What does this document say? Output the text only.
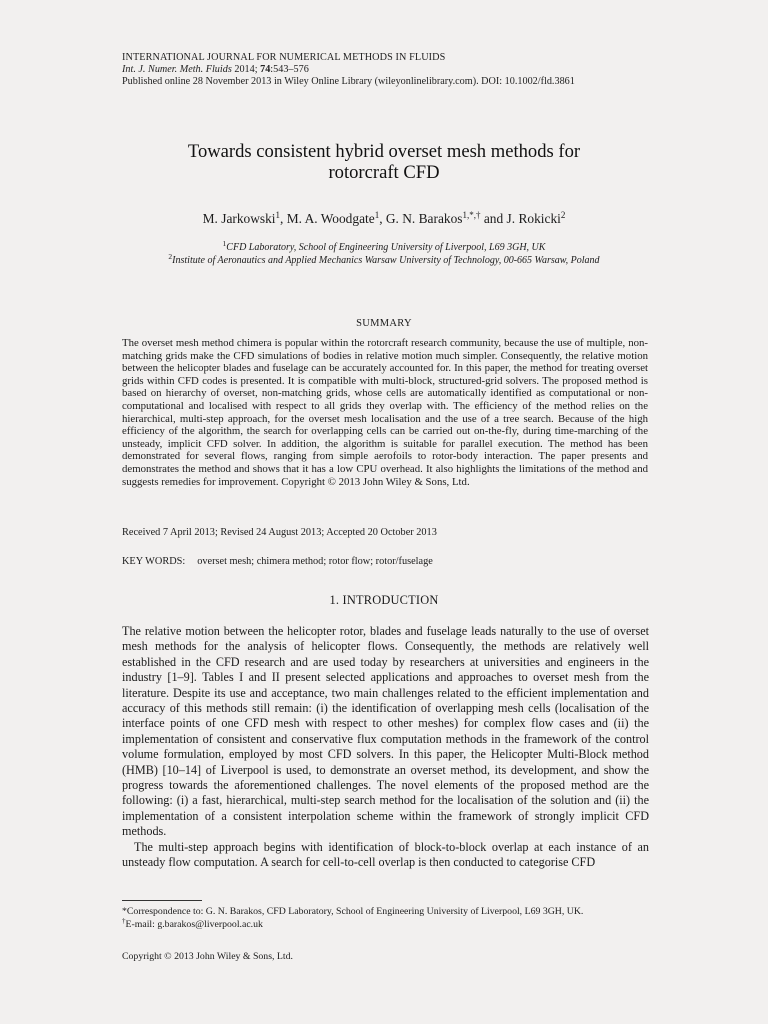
INTERNATIONAL JOURNAL FOR NUMERICAL METHODS IN FLUIDS
Int. J. Numer. Meth. Fluids 2014; 74:543–576
Published online 28 November 2013 in Wiley Online Library (wileyonlinelibrary.com). DOI: 10.1002/fld.3861
Towards consistent hybrid overset mesh methods for
rotorcraft CFD
M. Jarkowski$^1$, M. A. Woodgate$^1$, G. N. Barakos$^{1,*,\dagger}$ and J. Rokicki$^2$
$^1$CFD Laboratory, School of Engineering University of Liverpool, L69 3GH, UK
$^2$Institute of Aeronautics and Applied Mechanics Warsaw University of Technology, 00-665 Warsaw, Poland
SUMMARY
The overset mesh method chimera is popular within the rotorcraft research community, because the use of multiple, non-matching grids make the CFD simulations of bodies in relative motion much simpler. Consequently, the relative motion between the helicopter blades and fuselage can be accurately accounted for. In this paper, the method for treating overset grids within CFD codes is presented. It is compatible with multi-block, structured-grid solvers. The proposed method is based on hierarchy of overset, non-matching grids, whose cells are automatically identified as computational or non-computational and localised with respect to all grids they overlap with. The efficiency of the method relies on the hierarchical, multi-step approach, for the overset mesh localisation and the use of a tree search. Because of the high efficiency of the algorithm, the search for overlapping cells can be carried out on-the-fly, during time-marching of the unsteady, implicit CFD solver. In addition, the algorithm is suitable for parallel execution. The method has been demonstrated for several flows, ranging from simple aerofoils to rotor-body interaction. The paper presents and demonstrates the method and shows that it has a low CPU overhead. It also highlights the limitations of the method and suggests remedies for improvement. Copyright © 2013 John Wiley & Sons, Ltd.
Received 7 April 2013; Revised 24 August 2013; Accepted 20 October 2013
KEY WORDS: overset mesh; chimera method; rotor flow; rotor/fuselage
1. INTRODUCTION

The relative motion between the helicopter rotor, blades and fuselage leads naturally to the use of overset mesh methods for the analysis of helicopter flows. Consequently, the methods are relatively well established in the CFD research and are used today by researchers at universities and engineers in the industry [1–9]. Tables I and II present selected applications and approaches to overset mesh from the literature. Despite its use and acceptance, two main challenges related to the efficient implementation and accuracy of this methods still remain: (i) the identification of overlapping mesh cells (localisation of the interface points of one CFD mesh with respect to other meshes) for complex flow cases and (ii) the implementation of consistent and conservative flux computation methods in the framework of the control volume formulation, employed by most CFD solvers. In this paper, the Helicopter Multi-Block method (HMB) [10–14] of Liverpool is used, to demonstrate an overset method, its development, and show the progress towards the aforementioned challenges. The novel elements of the proposed method are the following: (i) a fast, hierarchical, multi-step search method for the localisation of the solution and (ii) the implementation of a consistent interpolation scheme within the framework of strongly implicit CFD methods.

The multi-step approach begins with identification of block-to-block overlap at each instance of an unsteady flow computation. A search for cell-to-cell overlap is then conducted to categorise CFD

*Correspondence to: G. N. Barakos, CFD Laboratory, School of Engineering University of Liverpool, L69 3GH, UK.
†E-mail: g.barakos@liverpool.ac.uk
Copyright © 2013 John Wiley & Sons, Ltd.
